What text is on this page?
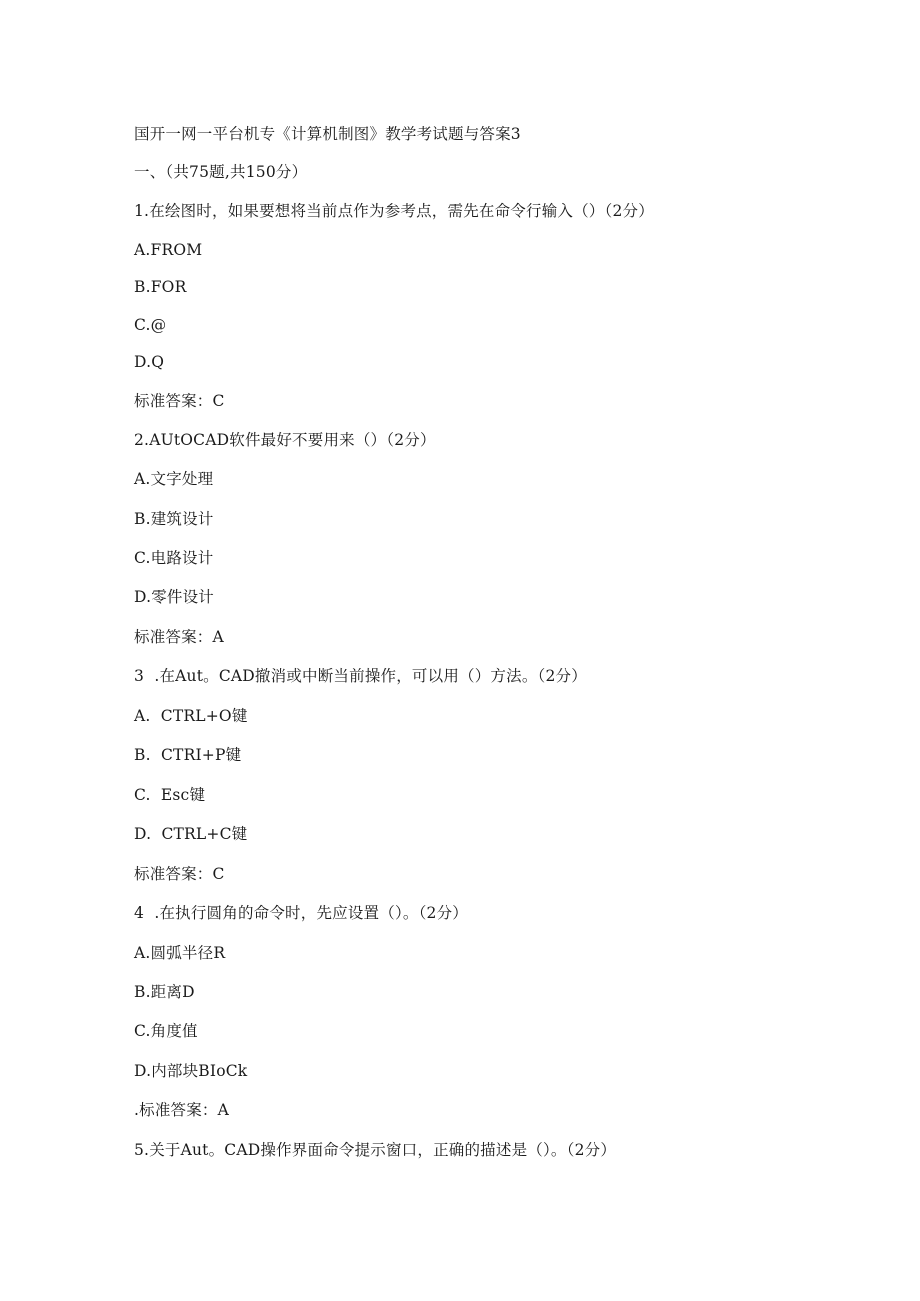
国开一网一平台机专《计算机制图》教学考试题与答案3
一、（共75题,共150分）
1.在绘图时，如果要想将当前点作为参考点，需先在命令行输入（）（2分）
A.FROM
B.FOR
C.@
D.Q
标准答案：C
2.AUtOCAD软件最好不要用来（）（2分）
A.文字处理
B.建筑设计
C.电路设计
D.零件设计
标准答案：A
3  .在Aut。CAD撤消或中断当前操作，可以用（）方法。（2分）
A.  CTRL+O键
B.  CTRI+P键
C.  Esc键
D.  CTRL+C键
标准答案：C
4  .在执行圆角的命令时，先应设置（）。（2分）
A.圆弧半径R
B.距离D
C.角度值
D.内部块BIoCk
.标准答案：A
5.关于Aut。CAD操作界面命令提示窗口，正确的描述是（）。（2分）
